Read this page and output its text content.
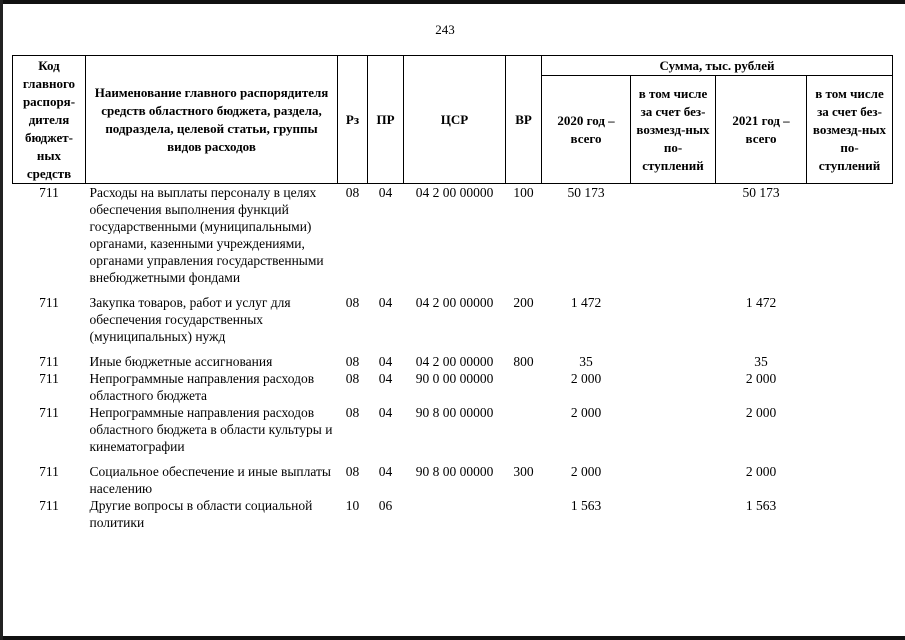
243
Код главного распоря-дителя бюджет-ных средств	Наименование главного распорядителя средств областного бюджета, раздела, подраздела, целевой статьи, группы видов расходов	Рз	ПР	ЦСР	ВР	Сумма, тыс. рублей			
						2020 год – всего	в том числе за счет без-возмезд-ных по-ступлений	2021 год – всего	в том числе за счет без-возмезд-ных по-ступлений
711	Расходы на выплаты персоналу в целях обеспечения выполнения функций государственными (муниципальными) органами, казенными учреждениями, органами управления государственными внебюджетными фондами	08	04	04 2 00 00000	100	50 173		50 173	
711	Закупка товаров, работ и услуг для обеспечения государственных (муниципальных) нужд	08	04	04 2 00 00000	200	1 472		1 472	
711	Иные бюджетные ассигнования	08	04	04 2 00 00000	800	35		35	
711	Непрограммные направления расходов областного бюджета	08	04	90 0 00 00000		2 000		2 000	
711	Непрограммные направления расходов областного бюджета в области культуры и кинематографии	08	04	90 8 00 00000		2 000		2 000	
711	Социальное обеспечение и иные выплаты населению	08	04	90 8 00 00000	300	2 000		2 000	
711	Другие вопросы в области социальной политики	10	06			1 563		1 563	
